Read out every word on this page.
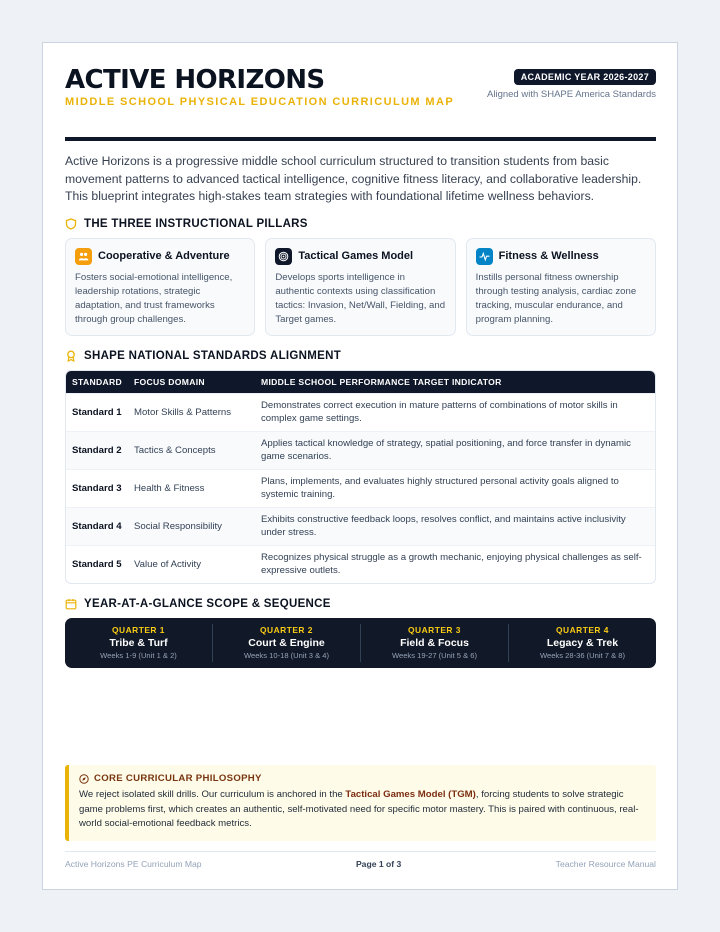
ACTIVE HORIZONS
MIDDLE SCHOOL PHYSICAL EDUCATION CURRICULUM MAP
ACADEMIC YEAR 2026-2027
Aligned with SHAPE America Standards

Active Horizons is a progressive middle school curriculum structured to transition students from basic movement patterns to advanced tactical intelligence, cognitive fitness literacy, and collaborative leadership. This blueprint integrates high-stakes team strategies with foundational lifetime wellness behaviors.

THE THREE INSTRUCTIONAL PILLARS
Cooperative & Adventure

Fosters social-emotional intelligence, leadership rotations, strategic adaptation, and trust frameworks through group challenges.

Tactical Games Model

Develops sports intelligence in authentic contexts using classification tactics: Invasion, Net/Wall, Fielding, and Target games.

Fitness & Wellness

Instills personal fitness ownership through testing analysis, cardiac zone tracking, muscular endurance, and program planning.

SHAPE NATIONAL STANDARDS ALIGNMENT
STANDARD	FOCUS DOMAIN	MIDDLE SCHOOL PERFORMANCE TARGET INDICATOR
Standard 1	Motor Skills & Patterns	Demonstrates correct execution in mature patterns of combinations of motor skills in complex game settings.
Standard 2	Tactics & Concepts	Applies tactical knowledge of strategy, spatial positioning, and force transfer in dynamic game scenarios.
Standard 3	Health & Fitness	Plans, implements, and evaluates highly structured personal activity goals aligned to systemic training.
Standard 4	Social Responsibility	Exhibits constructive feedback loops, resolves conflict, and maintains active inclusivity under stress.
Standard 5	Value of Activity	Recognizes physical struggle as a growth mechanic, enjoying physical challenges as self-expressive outlets.
YEAR-AT-A-GLANCE SCOPE & SEQUENCE
QUARTER 1
Tribe & Turf
Weeks 1-9 (Unit 1 & 2)
QUARTER 2
Court & Engine
Weeks 10-18 (Unit 3 & 4)
QUARTER 3
Field & Focus
Weeks 19-27 (Unit 5 & 6)
QUARTER 4
Legacy & Trek
Weeks 28-36 (Unit 7 & 8)
CORE CURRICULAR PHILOSOPHY

We reject isolated skill drills. Our curriculum is anchored in the Tactical Games Model (TGM), forcing students to solve strategic game problems first, which creates an authentic, self-motivated need for specific motor mastery. This is paired with continuous, real-world social-emotional feedback metrics.

Active Horizons PE Curriculum Map	Page 1 of 3	Teacher Resource Manual
